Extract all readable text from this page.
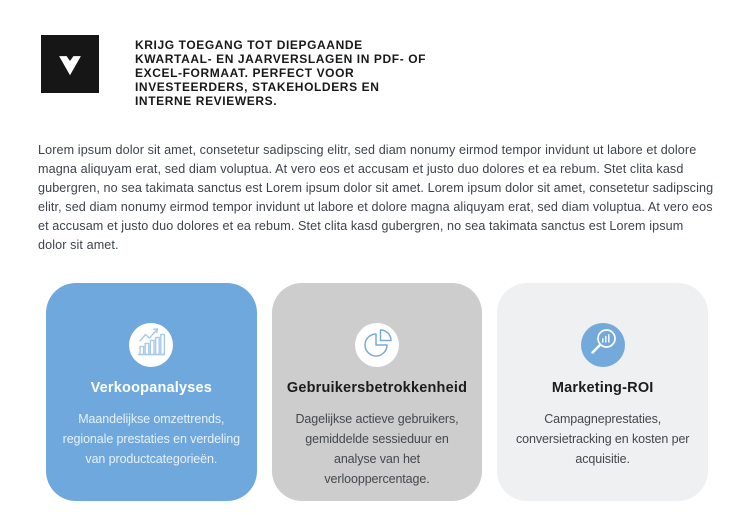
KRIJG TOEGANG TOT DIEPGAANDE
KWARTAAL- EN JAARVERSLAGEN IN PDF- OF
EXCEL-FORMAAT. PERFECT VOOR
INVESTEERDERS, STAKEHOLDERS EN
INTERNE REVIEWERS.

Lorem ipsum dolor sit amet, consetetur sadipscing elitr, sed diam nonumy eirmod tempor invidunt ut labore et dolore magna aliquyam erat, sed diam voluptua. At vero eos et accusam et justo duo dolores et ea rebum. Stet clita kasd gubergren, no sea takimata sanctus est Lorem ipsum dolor sit amet. Lorem ipsum dolor sit amet, consetetur sadipscing elitr, sed diam nonumy eirmod tempor invidunt ut labore et dolore magna aliquyam erat, sed diam voluptua. At vero eos et accusam et justo duo dolores et ea rebum. Stet clita kasd gubergren, no sea takimata sanctus est Lorem ipsum dolor sit amet.

Verkoopanalyses
Maandelijkse omzettrends, regionale prestaties en verdeling van productcategorieën.
Gebruikersbetrokkenheid
Dagelijkse actieve gebruikers, gemiddelde sessieduur en analyse van het verlooppercentage.
Marketing-ROI
Campagneprestaties, conversietracking en kosten per acquisitie.
